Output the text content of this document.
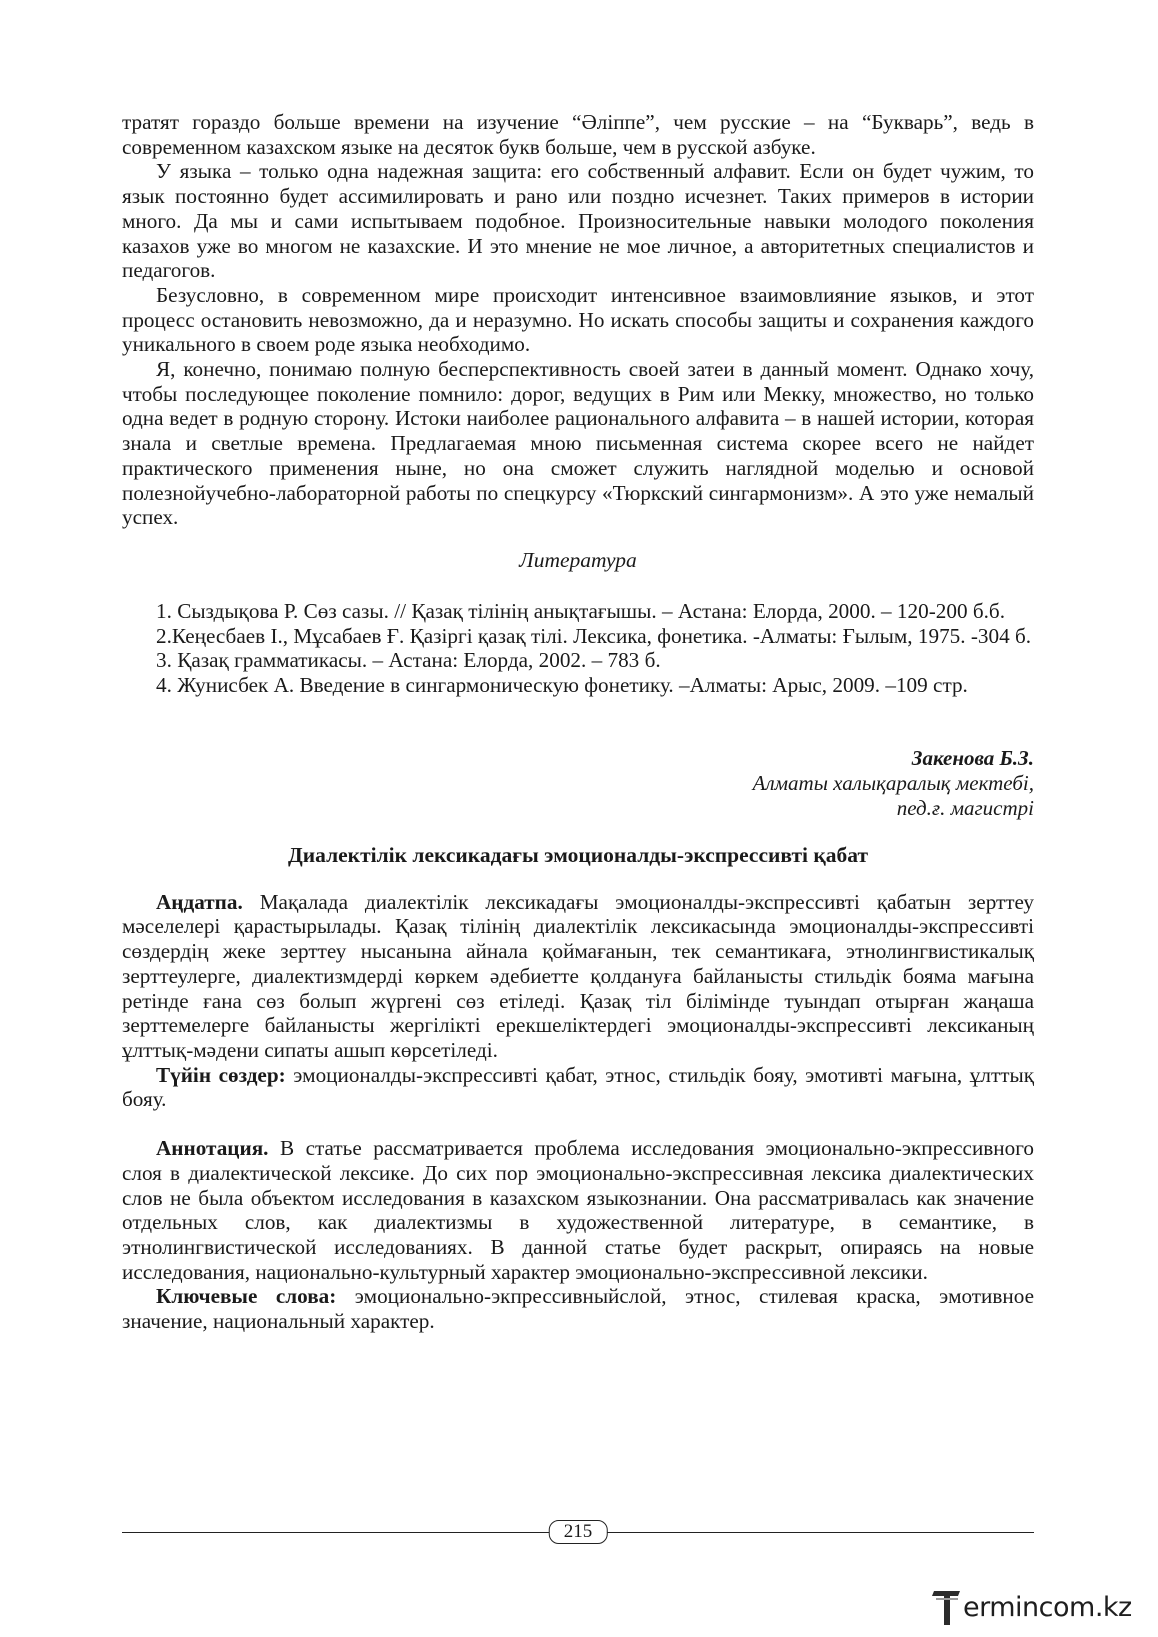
тратят гораздо больше времени на изучение “Әліппе”, чем русские – на “Букварь”, ведь в современном казахском языке на десяток букв больше, чем в русской азбуке.

У языка – только одна надежная защита: его собственный алфавит. Если он будет чужим, то язык постоянно будет ассимилировать и рано или поздно исчезнет. Таких примеров в истории много. Да мы и сами испытываем подобное. Произносительные навыки молодого поколения казахов уже во многом не казахские. И это мнение не мое личное, а авторитетных специалистов и педагогов.

Безусловно, в современном мире происходит интенсивное взаимовлияние языков, и этот процесс остановить невозможно, да и неразумно. Но искать способы защиты и сохранения каждого уникального в своем роде языка необходимо.

Я, конечно, понимаю полную бесперспективность своей затеи в данный момент. Однако хочу, чтобы последующее поколение помнило: дорог, ведущих в Рим или Мекку, множество, но только одна ведет в родную сторону. Истоки наиболее рационального алфавита – в нашей истории, которая знала и светлые времена. Предлагаемая мною письменная система скорее всего не найдет практического применения ныне, но она сможет служить наглядной моделью и основой полезнойучебно-лабораторной работы по спецкурсу «Тюркский сингармонизм». А это уже немалый успех.

Литература

1. Сыздықова Р. Сөз сазы. // Қазақ тілінің анықтағышы. – Астана: Елорда, 2000. – 120-200 б.б.

2.Кеңесбаев І., Мұсабаев Ғ. Қазіргі қазақ тілі. Лексика, фонетика. -Алматы: Ғылым, 1975. -304 б.

3. Қазақ грамматикасы. – Астана: Елорда, 2002. – 783 б.

4. Жунисбек А. Введение в сингармоническую фонетику. –Алматы: Арыс, 2009. –109 стр.

Закенова Б.З.
Алматы халықаралық мектебі,
пед.ғ. магистрі
Диалектілік лексикадағы эмоционалды-экспрессивті қабат

Аңдатпа. Мақалада диалектілік лексикадағы эмоционалды-экспрессивті қабатын зерттеу мәселелері қарастырылады. Қазақ тілінің диалектілік лексикасында эмоционалды-экспрессивті сөздердің жеке зерттеу нысанына айнала қоймағанын, тек семантикаға, этнолингвистикалық зерттеулерге, диалектизмдерді көркем әдебиетте қолдануға байланысты стильдік бояма мағына ретінде ғана сөз болып жүргені сөз етіледі. Қазақ тіл білімінде туындап отырған жаңаша зерттемелерге байланысты жергілікті ерекшеліктердегі эмоционалды-экспрессивті лексиканың ұлттық-мәдени сипаты ашып көрсетіледі.

Түйін сөздер: эмоционалды-экспрессивті қабат, этнос, стильдік бояу, эмотивті мағына, ұлттық бояу.

Аннотация. В статье рассматривается проблема исследования эмоционально-экпрессивного слоя в диалектической лексике. До сих пор эмоционально-экспрессивная лексика диалектических слов не была объектом исследования в казахском языкознании. Она рассматривалась как значение отдельных слов, как диалектизмы в художественной литературе, в семантике, в этнолингвистической исследованиях. В данной статье будет раскрыт, опираясь на новые исследования, национально-культурный характер эмоционально-экспрессивной лексики.

Ключевые слова: эмоционально-экпрессивныйслой, этнос, стилевая краска, эмотивное значение, национальный характер.

215
ermincom.kz
